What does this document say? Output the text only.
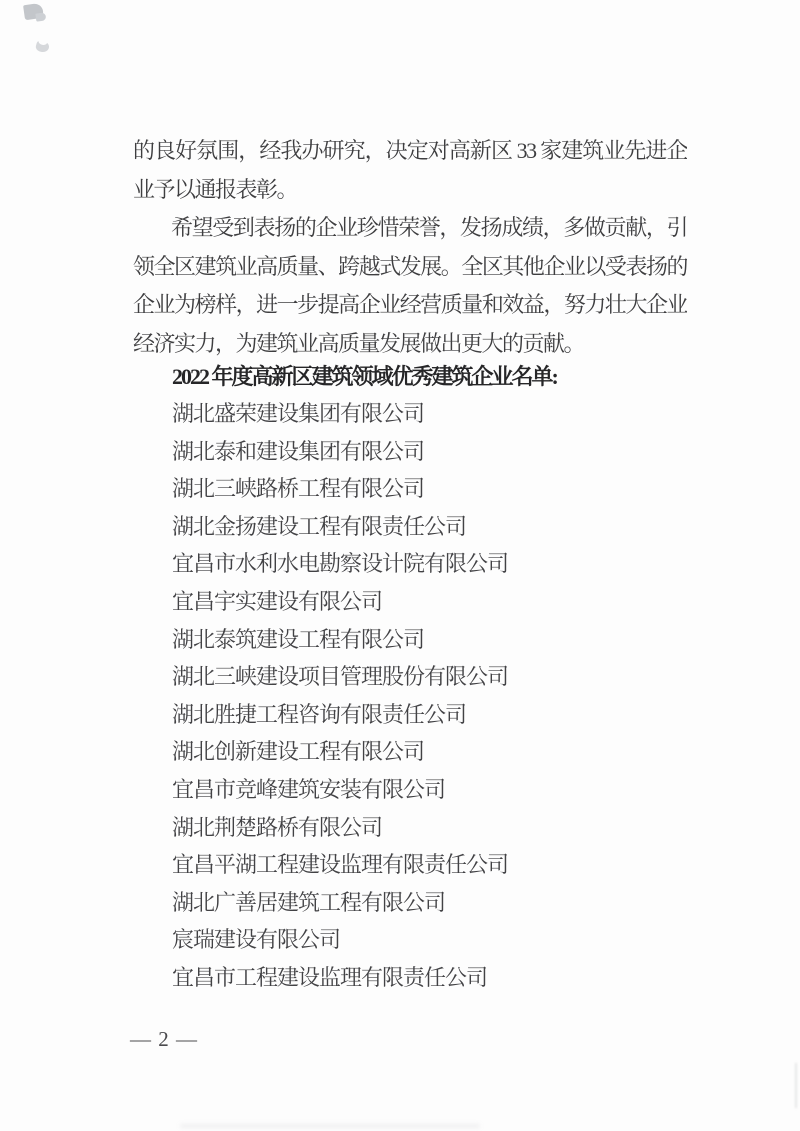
的良好氛围，经我办研究，决定对高新区 33 家建筑业先进企
业予以通报表彰。
希望受到表扬的企业珍惜荣誉，发扬成绩，多做贡献，引
领全区建筑业高质量、跨越式发展。全区其他企业以受表扬的
企业为榜样，进一步提高企业经营质量和效益，努力壮大企业
经济实力，为建筑业高质量发展做出更大的贡献。
2022 年度高新区建筑领域优秀建筑企业名单:
湖北盛荣建设集团有限公司
湖北泰和建设集团有限公司
湖北三峡路桥工程有限公司
湖北金扬建设工程有限责任公司
宜昌市水利水电勘察设计院有限公司
宜昌宇实建设有限公司
湖北泰筑建设工程有限公司
湖北三峡建设项目管理股份有限公司
湖北胜捷工程咨询有限责任公司
湖北创新建设工程有限公司
宜昌市竞峰建筑安装有限公司
湖北荆楚路桥有限公司
宜昌平湖工程建设监理有限责任公司
湖北广善居建筑工程有限公司
宸瑞建设有限公司
宜昌市工程建设监理有限责任公司
— 2 —
